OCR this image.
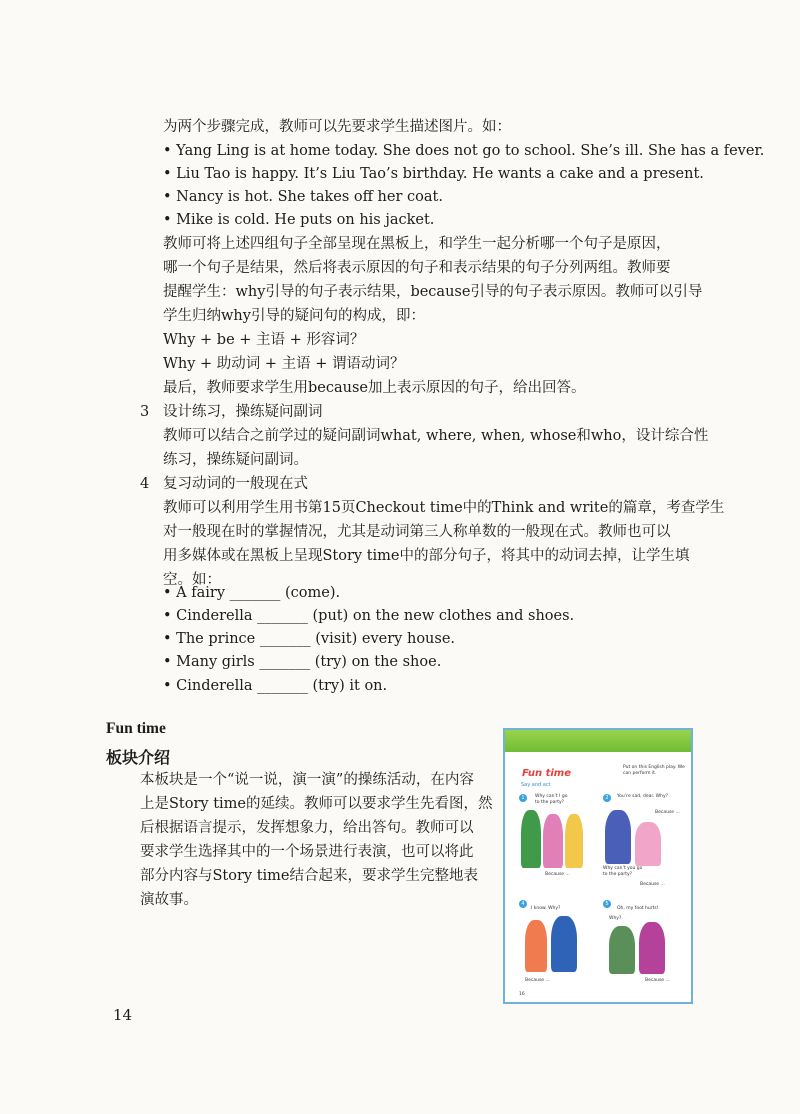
为两个步骤完成，教师可以先要求学生描述图片。如：
• Yang Ling is at home today. She does not go to school. She’s ill. She has a fever.
• Liu Tao is happy. It’s Liu Tao’s birthday. He wants a cake and a present.
• Nancy is hot. She takes off her coat.
• Mike is cold. He puts on his jacket.
教师可将上述四组句子全部呈现在黑板上，和学生一起分析哪一个句子是原因，
哪一个句子是结果，然后将表示原因的句子和表示结果的句子分列两组。教师要
提醒学生：why引导的句子表示结果，because引导的句子表示原因。教师可以引导
学生归纳why引导的疑问句的构成，即：
Why + be + 主语 + 形容词？
Why + 助动词 + 主语 + 谓语动词？
最后，教师要求学生用because加上表示原因的句子，给出回答。
3 设计练习，操练疑问副词
教师可以结合之前学过的疑问副词what, where, when, whose和who，设计综合性
练习，操练疑问副词。
4 复习动词的一般现在式
教师可以利用学生用书第15页Checkout time中的Think and write的篇章，考查学生
对一般现在时的掌握情况，尤其是动词第三人称单数的一般现在式。教师也可以
用多媒体或在黑板上呈现Story time中的部分句子，将其中的动词去掉，让学生填
空。如：
• A fairy _______ (come).
• Cinderella _______ (put) on the new clothes and shoes.
• The prince _______ (visit) every house.
• Many girls _______ (try) on the shoe.
• Cinderella _______ (try) it on.
Fun time
板块介绍
本板块是一个“说一说，演一演”的操练活动，在内容
上是Story time的延续。教师可以要求学生先看图，然
后根据语言提示，发挥想象力，给出答句。教师可以
要求学生选择其中的一个场景进行表演，也可以将此
部分内容与Story time结合起来，要求学生完整地表
演故事。
Fun time
Say and act
Put on this English play. We can perform it.
1	Why can’t I go
to the party?
Because ...
2	You’re sad, dear. Why?
Because ...
Why can’t you go
to the party?
Because ...
4
I know. Why?
Because ...
5
Oh, my foot hurts!
Why?
Because ...
16
14
